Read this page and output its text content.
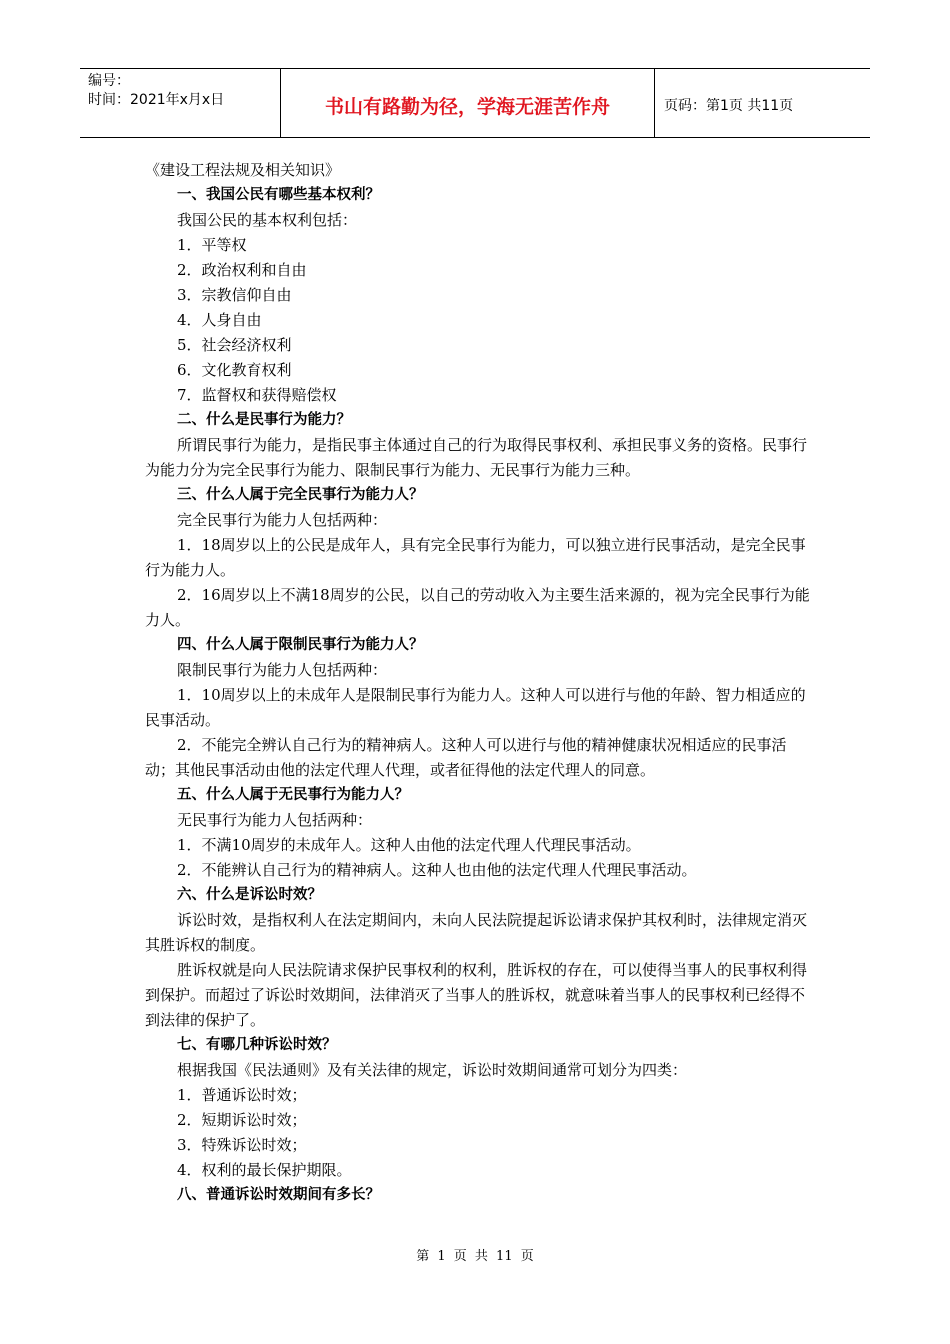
编号：
时间：2021年x月x日	书山有路勤为径，学海无涯苦作舟	页码：第1页 共11页

《建设工程法规及相关知识》

一、我国公民有哪些基本权利？

我国公民的基本权利包括：

1．平等权

2．政治权利和自由

3．宗教信仰自由

4．人身自由

5．社会经济权利

6．文化教育权利

7．监督权和获得赔偿权

二、什么是民事行为能力？

所谓民事行为能力，是指民事主体通过自己的行为取得民事权利、承担民事义务的资格。民事行为能力分为完全民事行为能力、限制民事行为能力、无民事行为能力三种。

三、什么人属于完全民事行为能力人？

完全民事行为能力人包括两种：

1．18周岁以上的公民是成年人，具有完全民事行为能力，可以独立进行民事活动，是完全民事行为能力人。

2．16周岁以上不满18周岁的公民，以自己的劳动收入为主要生活来源的，视为完全民事行为能力人。

四、什么人属于限制民事行为能力人？

限制民事行为能力人包括两种：

1．10周岁以上的未成年人是限制民事行为能力人。这种人可以进行与他的年龄、智力相适应的民事活动。

2．不能完全辨认自己行为的精神病人。这种人可以进行与他的精神健康状况相适应的民事活动；其他民事活动由他的法定代理人代理，或者征得他的法定代理人的同意。

五、什么人属于无民事行为能力人？

无民事行为能力人包括两种：

1．不满10周岁的未成年人。这种人由他的法定代理人代理民事活动。

2．不能辨认自己行为的精神病人。这种人也由他的法定代理人代理民事活动。

六、什么是诉讼时效？

诉讼时效，是指权利人在法定期间内，未向人民法院提起诉讼请求保护其权利时，法律规定消灭其胜诉权的制度。

胜诉权就是向人民法院请求保护民事权利的权利，胜诉权的存在，可以使得当事人的民事权利得到保护。而超过了诉讼时效期间，法律消灭了当事人的胜诉权，就意味着当事人的民事权利已经得不到法律的保护了。

七、有哪几种诉讼时效？

根据我国《民法通则》及有关法律的规定，诉讼时效期间通常可划分为四类：

1．普通诉讼时效；

2．短期诉讼时效；

3．特殊诉讼时效；

4．权利的最长保护期限。

八、普通诉讼时效期间有多长？

第 1 页 共 11 页
